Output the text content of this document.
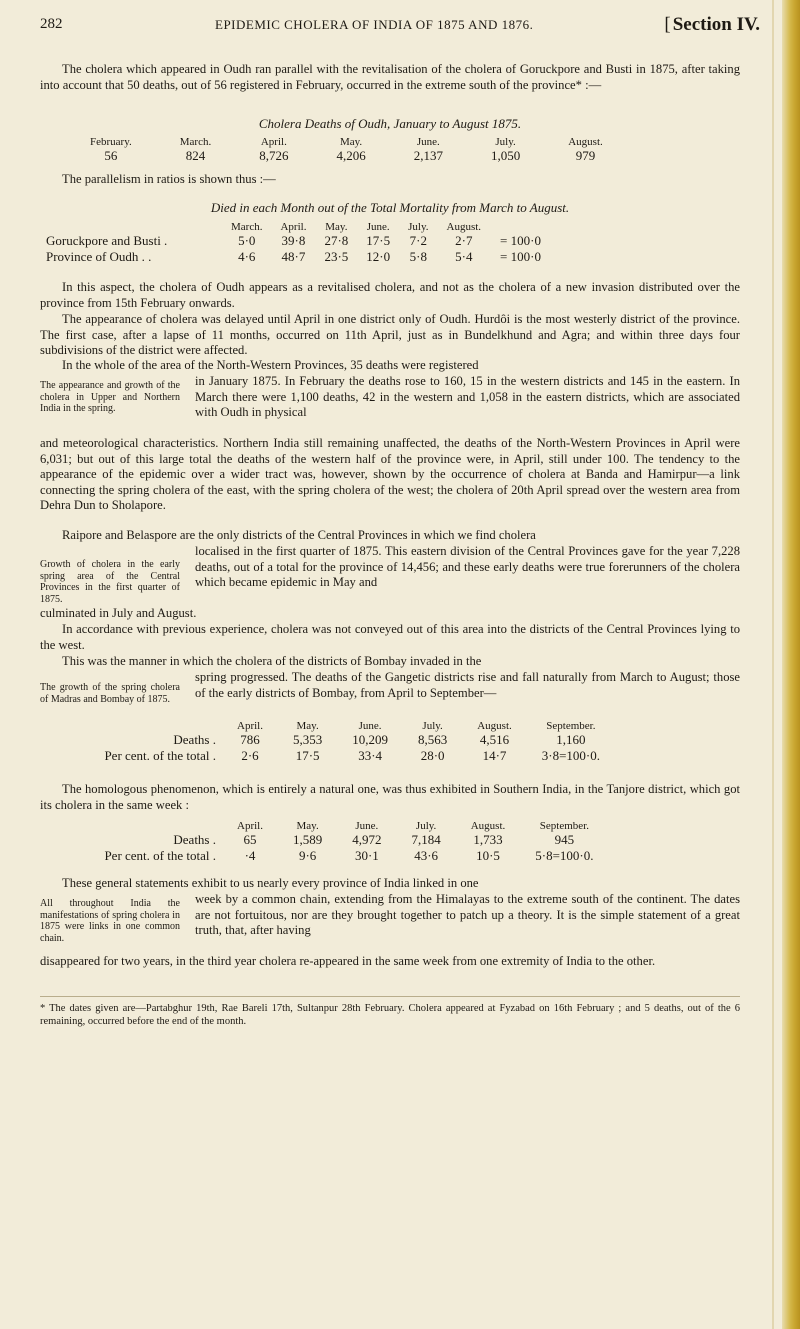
282	EPIDEMIC CHOLERA OF INDIA OF 1875 AND 1876.	[ Section IV.

The cholera which appeared in Oudh ran parallel with the revitalisation of the cholera of Goruckpore and Busti in 1875, after taking into account that 50 deaths, out of 56 registered in February, occurred in the extreme south of the province* :—

Cholera Deaths of Oudh, January to August 1875.
February.	March.	April.	May.	June.	July.	August.
56	824	8,726	4,206	2,137	1,050	979

The parallelism in ratios is shown thus :—

Died in each Month out of the Total Mortality from March to August.
	March.	April.	May.	June.	July.	August.	
Goruckpore and Busti .	5·0	39·8	27·8	17·5	7·2	2·7	= 100·0
Province of Oudh . .	4·6	48·7	23·5	12·0	5·8	5·4	= 100·0

In this aspect, the cholera of Oudh appears as a revitalised cholera, and not as the cholera of a new invasion distributed over the province from 15th February onwards.

The appearance of cholera was delayed until April in one district only of Oudh. Hurdôi is the most westerly district of the province. The first case, after a lapse of 11 months, occurred on 11th April, just as in Bundelkhund and Agra; and within three days four subdivisions of the district were affected.

In the whole of the area of the North-Western Provinces, 35 deaths were registered

The appearance and growth of the cholera in Upper and Northern India in the spring.

in January 1875. In February the deaths rose to 160, 15 in the western districts and 145 in the eastern. In March there were 1,100 deaths, 42 in the western and 1,058 in the eastern districts, which are associated with Oudh in physical

and meteorological characteristics. Northern India still remaining unaffected, the deaths of the North-Western Provinces in April were 6,031; but out of this large total the deaths of the western half of the province were, in April, still under 100. The tendency to the appearance of the epidemic over a wider tract was, however, shown by the occurrence of cholera at Banda and Hamirpur—a link connecting the spring cholera of the east, with the spring cholera of the west; the cholera of 20th April spread over the western area from Dehra Dun to Sholapore.

Raipore and Belaspore are the only districts of the Central Provinces in which we find cholera

Growth of cholera in the early spring area of the Central Provinces in the first quarter of 1875.

localised in the first quarter of 1875. This eastern division of the Central Provinces gave for the year 7,228 deaths, out of a total for the province of 14,456; and these early deaths were true forerunners of the cholera which became epidemic in May and

culminated in July and August.

In accordance with previous experience, cholera was not conveyed out of this area into the districts of the Central Provinces lying to the west.

This was the manner in which the cholera of the districts of Bombay invaded in the

The growth of the spring cholera of Madras and Bombay of 1875.

spring progressed. The deaths of the Gangetic districts rise and fall naturally from March to August; those of the early districts of Bombay, from April to September—

	April.	May.	June.	July.	August.	September.
Deaths .	786	5,353	10,209	8,563	4,516	1,160
Per cent. of the total .	2·6	17·5	33·4	28·0	14·7	3·8=100·0.

The homologous phenomenon, which is entirely a natural one, was thus exhibited in Southern India, in the Tanjore district, which got its cholera in the same week :

	April.	May.	June.	July.	August.	September.
Deaths .	65	1,589	4,972	7,184	1,733	945
Per cent. of the total .	·4	9·6	30·1	43·6	10·5	5·8=100·0.

These general statements exhibit to us nearly every province of India linked in one

All throughout India the manifestations of spring cholera in 1875 were links in one common chain.

week by a common chain, extending from the Himalayas to the extreme south of the continent. The dates are not fortuitous, nor are they brought together to patch up a theory. It is the simple statement of a great truth, that, after having

disappeared for two years, in the third year cholera re-appeared in the same week from one extremity of India to the other.

* The dates given are—Partabghur 19th, Rae Bareli 17th, Sultanpur 28th February. Cholera appeared at Fyzabad on 16th February ; and 5 deaths, out of the 6 remaining, occurred before the end of the month.
